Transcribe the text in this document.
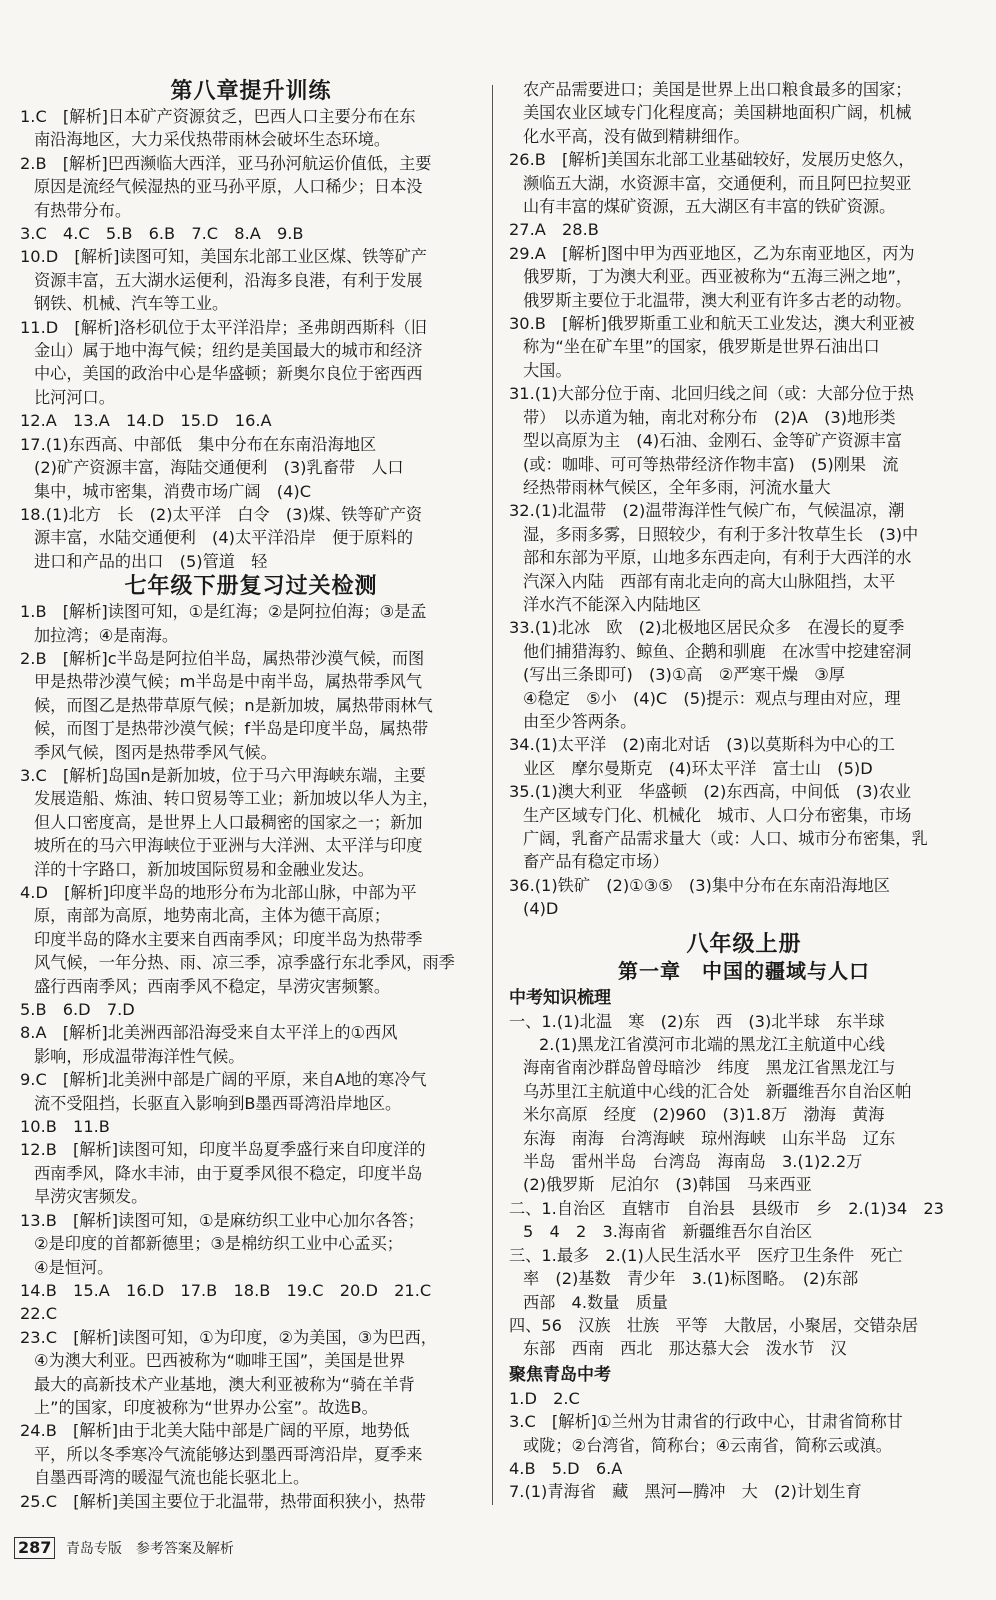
第八章提升训练
1.C　[解析]日本矿产资源贫乏，巴西人口主要分布在东
南沿海地区，大力采伐热带雨林会破坏生态环境。
2.B　[解析]巴西濒临大西洋，亚马孙河航运价值低，主要
原因是流经气候湿热的亚马孙平原，人口稀少；日本没
有热带分布。
3.C　4.C　5.B　6.B　7.C　8.A　9.B
10.D　[解析]读图可知，美国东北部工业区煤、铁等矿产
资源丰富，五大湖水运便利，沿海多良港，有利于发展
钢铁、机械、汽车等工业。
11.D　[解析]洛杉矶位于太平洋沿岸；圣弗朗西斯科（旧
金山）属于地中海气候；纽约是美国最大的城市和经济
中心，美国的政治中心是华盛顿；新奥尔良位于密西西
比河河口。
12.A　13.A　14.D　15.D　16.A
17.(1)东西高、中部低　集中分布在东南沿海地区
(2)矿产资源丰富，海陆交通便利　(3)乳畜带　人口
集中，城市密集，消费市场广阔　(4)C
18.(1)北方　长　(2)太平洋　白令　(3)煤、铁等矿产资
源丰富，水陆交通便利　(4)太平洋沿岸　便于原料的
进口和产品的出口　(5)管道　轻
七年级下册复习过关检测
1.B　[解析]读图可知，①是红海；②是阿拉伯海；③是孟
加拉湾；④是南海。
2.B　[解析]c半岛是阿拉伯半岛，属热带沙漠气候，而图
甲是热带沙漠气候；m半岛是中南半岛，属热带季风气
候，而图乙是热带草原气候；n是新加坡，属热带雨林气
候，而图丁是热带沙漠气候；f半岛是印度半岛，属热带
季风气候，图丙是热带季风气候。
3.C　[解析]岛国n是新加坡，位于马六甲海峡东端，主要
发展造船、炼油、转口贸易等工业；新加坡以华人为主，
但人口密度高，是世界上人口最稠密的国家之一；新加
坡所在的马六甲海峡位于亚洲与大洋洲、太平洋与印度
洋的十字路口，新加坡国际贸易和金融业发达。
4.D　[解析]印度半岛的地形分布为北部山脉，中部为平
原，南部为高原，地势南北高，主体为德干高原；
印度半岛的降水主要来自西南季风；印度半岛为热带季
风气候，一年分热、雨、凉三季，凉季盛行东北季风，雨季
盛行西南季风；西南季风不稳定，旱涝灾害频繁。
5.B　6.D　7.D
8.A　[解析]北美洲西部沿海受来自太平洋上的①西风
影响，形成温带海洋性气候。
9.C　[解析]北美洲中部是广阔的平原，来自A地的寒冷气
流不受阻挡，长驱直入影响到B墨西哥湾沿岸地区。
10.B　11.B
12.B　[解析]读图可知，印度半岛夏季盛行来自印度洋的
西南季风，降水丰沛，由于夏季风很不稳定，印度半岛
旱涝灾害频发。
13.B　[解析]读图可知，①是麻纺织工业中心加尔各答；
②是印度的首都新德里；③是棉纺织工业中心孟买；
④是恒河。
14.B　15.A　16.D　17.B　18.B　19.C　20.D　21.C
22.C
23.C　[解析]读图可知，①为印度，②为美国，③为巴西，
④为澳大利亚。巴西被称为“咖啡王国”，美国是世界
最大的高新技术产业基地，澳大利亚被称为“骑在羊背
上”的国家，印度被称为“世界办公室”。故选B。
24.B　[解析]由于北美大陆中部是广阔的平原，地势低
平，所以冬季寒冷气流能够达到墨西哥湾沿岸，夏季来
自墨西哥湾的暖湿气流也能长驱北上。
25.C　[解析]美国主要位于北温带，热带面积狭小，热带
农产品需要进口；美国是世界上出口粮食最多的国家；
美国农业区域专门化程度高；美国耕地面积广阔，机械
化水平高，没有做到精耕细作。
26.B　[解析]美国东北部工业基础较好，发展历史悠久，
濒临五大湖，水资源丰富，交通便利，而且阿巴拉契亚
山有丰富的煤矿资源，五大湖区有丰富的铁矿资源。
27.A　28.B
29.A　[解析]图中甲为西亚地区，乙为东南亚地区，丙为
俄罗斯，丁为澳大利亚。西亚被称为“五海三洲之地”，
俄罗斯主要位于北温带，澳大利亚有许多古老的动物。
30.B　[解析]俄罗斯重工业和航天工业发达，澳大利亚被
称为“坐在矿车里”的国家，俄罗斯是世界石油出口
大国。
31.(1)大部分位于南、北回归线之间（或：大部分位于热
带）　以赤道为轴，南北对称分布　(2)A　(3)地形类
型以高原为主　(4)石油、金刚石、金等矿产资源丰富
(或：咖啡、可可等热带经济作物丰富)　(5)刚果　流
经热带雨林气候区，全年多雨，河流水量大
32.(1)北温带　(2)温带海洋性气候广布，气候温凉，潮
湿，多雨多雾，日照较少，有利于多汁牧草生长　(3)中
部和东部为平原，山地多东西走向，有利于大西洋的水
汽深入内陆　西部有南北走向的高大山脉阻挡，太平
洋水汽不能深入内陆地区
33.(1)北冰　欧　(2)北极地区居民众多　在漫长的夏季
他们捕猎海豹、鲸鱼、企鹅和驯鹿　在冰雪中挖建窑洞
(写出三条即可)　(3)①高　②严寒干燥　③厚
④稳定　⑤小　(4)C　(5)提示：观点与理由对应，理
由至少答两条。
34.(1)太平洋　(2)南北对话　(3)以莫斯科为中心的工
业区　摩尔曼斯克　(4)环太平洋　富士山　(5)D
35.(1)澳大利亚　华盛顿　(2)东西高，中间低　(3)农业
生产区域专门化、机械化　城市、人口分布密集，市场
广阔，乳畜产品需求量大（或：人口、城市分布密集，乳
畜产品有稳定市场）
36.(1)铁矿　(2)①③⑤　(3)集中分布在东南沿海地区
(4)D
八年级上册
第一章　中国的疆域与人口
中考知识梳理
一、1.(1)北温　寒　(2)东　西　(3)北半球　东半球
2.(1)黑龙江省漠河市北端的黑龙江主航道中心线
海南省南沙群岛曾母暗沙　纬度　黑龙江省黑龙江与
乌苏里江主航道中心线的汇合处　新疆维吾尔自治区帕
米尔高原　经度　(2)960　(3)1.8万　渤海　黄海
东海　南海　台湾海峡　琼州海峡　山东半岛　辽东
半岛　雷州半岛　台湾岛　海南岛　3.(1)2.2万
(2)俄罗斯　尼泊尔　(3)韩国　马来西亚
二、1.自治区　直辖市　自治县　县级市　乡　2.(1)34　23
5　4　2　3.海南省　新疆维吾尔自治区
三、1.最多　2.(1)人民生活水平　医疗卫生条件　死亡
率　(2)基数　青少年　3.(1)标图略。　(2)东部
西部　4.数量　质量
四、56　汉族　壮族　平等　大散居，小聚居，交错杂居
东部　西南　西北　那达慕大会　泼水节　汉
聚焦青岛中考
1.D　2.C
3.C　[解析]①兰州为甘肃省的行政中心，甘肃省简称甘
或陇；②台湾省，简称台；④云南省，简称云或滇。
4.B　5.D　6.A
7.(1)青海省　藏　黑河—腾冲　大　(2)计划生育
287 青岛专版　参考答案及解析
